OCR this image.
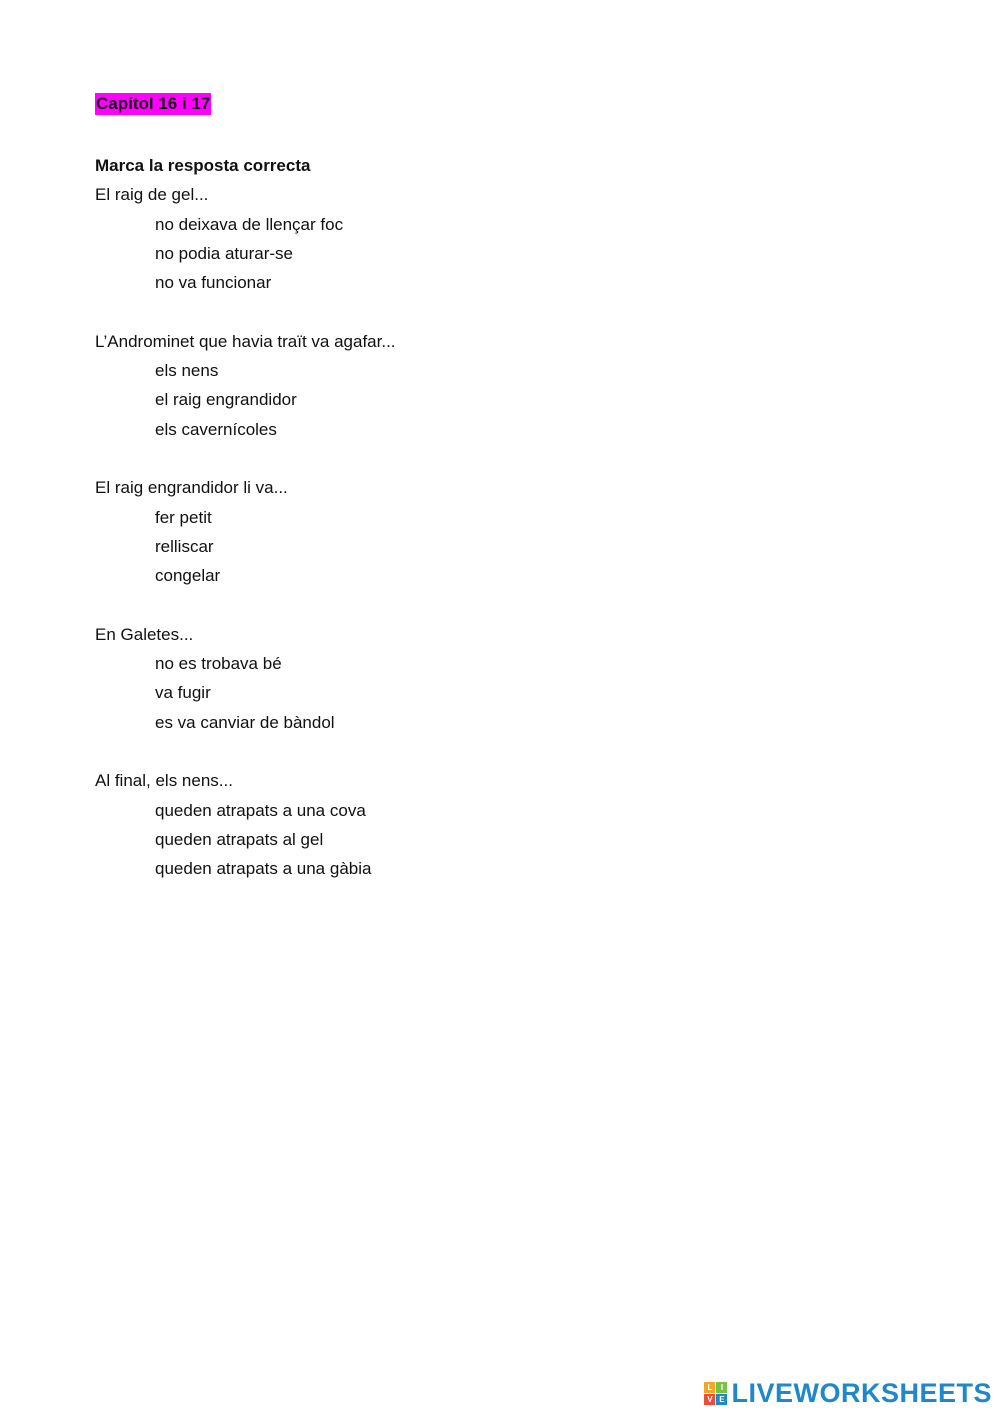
Capítol 16 i 17
Marca la resposta correcta
El raig de gel...
no deixava de llençar foc
no podia aturar-se
no va funcionar
L’Androminet que havia traït va agafar...
els nens
el raig engrandidor
els cavernícoles
El raig engrandidor li va...
fer petit
relliscar
congelar
En Galetes...
no es trobava bé
va fugir
es va canviar de bàndol
Al final, els nens...
queden atrapats a una cova
queden atrapats al gel
queden atrapats a una gàbia
L	I
V E LIVEWORKSHEETS
